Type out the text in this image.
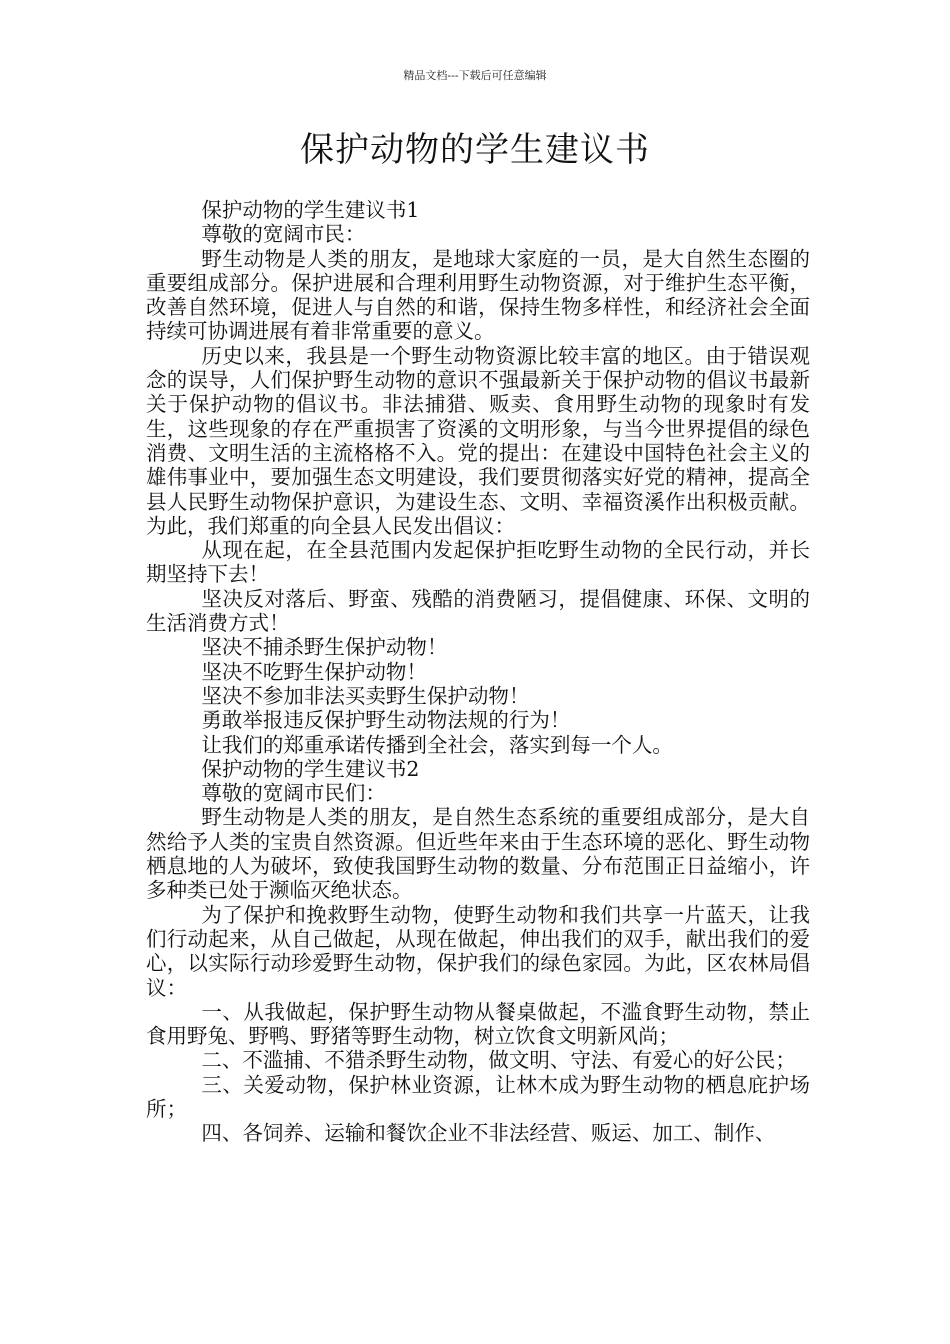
精品文档---下载后可任意编辑
保护动物的学生建议书

保护动物的学生建议书1

尊敬的宽阔市民：

野生动物是人类的朋友，是地球大家庭的一员，是大自然生态圈的重要组成部分。保护进展和合理利用野生动物资源，对于维护生态平衡，改善自然环境，促进人与自然的和谐，保持生物多样性，和经济社会全面持续可协调进展有着非常重要的意义。

历史以来，我县是一个野生动物资源比较丰富的地区。由于错误观念的误导，人们保护野生动物的意识不强最新关于保护动物的倡议书最新关于保护动物的倡议书。非法捕猎、贩卖、食用野生动物的现象时有发生，这些现象的存在严重损害了资溪的文明形象，与当今世界提倡的绿色消费、文明生活的主流格格不入。党的提出：在建设中国特色社会主义的雄伟事业中，要加强生态文明建设，我们要贯彻落实好党的精神，提高全县人民野生动物保护意识，为建设生态、文明、幸福资溪作出积极贡献。为此，我们郑重的向全县人民发出倡议：

从现在起，在全县范围内发起保护拒吃野生动物的全民行动，并长期坚持下去！

坚决反对落后、野蛮、残酷的消费陋习，提倡健康、环保、文明的生活消费方式！

坚决不捕杀野生保护动物！

坚决不吃野生保护动物！

坚决不参加非法买卖野生保护动物！

勇敢举报违反保护野生动物法规的行为！

让我们的郑重承诺传播到全社会，落实到每一个人。

保护动物的学生建议书2

尊敬的宽阔市民们：

野生动物是人类的朋友，是自然生态系统的重要组成部分，是大自然给予人类的宝贵自然资源。但近些年来由于生态环境的恶化、野生动物栖息地的人为破坏，致使我国野生动物的数量、分布范围正日益缩小，许多种类已处于濒临灭绝状态。

为了保护和挽救野生动物，使野生动物和我们共享一片蓝天，让我们行动起来，从自己做起，从现在做起，伸出我们的双手，献出我们的爱心，以实际行动珍爱野生动物，保护我们的绿色家园。为此，区农林局倡议：

一、从我做起，保护野生动物从餐桌做起，不滥食野生动物，禁止食用野兔、野鸭、野猪等野生动物，树立饮食文明新风尚；

二、不滥捕、不猎杀野生动物，做文明、守法、有爱心的好公民；

三、关爱动物，保护林业资源，让林木成为野生动物的栖息庇护场所；

四、各饲养、运输和餐饮企业不非法经营、贩运、加工、制作、
